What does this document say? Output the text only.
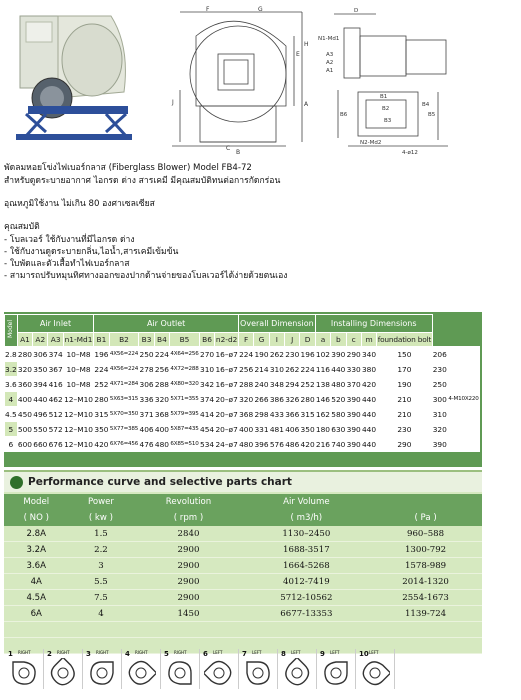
F	G
E
H
A
J
B
C
D
N1-Md1
A3
A2
A1
B1
B2
B3
B4
B5
B6
N2-Md2
4-ø12
พัดลมหอยโข่งไฟเบอร์กลาส (Fiberglass Blower) Model FB4-72
สำหรับดูดระบายอากาศ ไอกรด ด่าง สารเคมี มีคุณสมบัติทนต่อการกัดกร่อน
อุณหภูมิใช้งาน ไม่เกิน 80 องศาเซลเซียส
คุณสมบัติ
- โบลเวอร์ ใช้กับงานที่มีไอกรด ด่าง
- ใช้กับงานดูดระบายกลิ่น,ไอน้ำ,สารเคมีเข้มข้น
- ใบพัดและตัวเสื้อทำไฟเบอร์กลาส
- สามารถปรับหมุนทิศทางออกของปากด้านจ่ายของโบลเวอร์ได้ง่ายด้วยตนเอง
Model	Air Inlet				Air Outlet							Overall Dimension					Installing Dimensions						
	A1	A2	A3	n1-Md1	B1	B2	B3	B4	B5	B6	n2-d2	F	G	I	J	D	a	b	c	m	foundation bolt		
2.8	280	306	374	10–M8	196	4X56=224	250	224	4X64=256	270	16–ø7	224	190	262	230	196	102	390	290	340	150	206	4-M10X220
3.2	320	350	367	10–M8	224	4X56=224	278	256	4X72=288	310	16–ø7	256	214	310	262	224	116	440	330	380	170	230	
3.6	360	394	416	10–M8	252	4X71=284	306	288	4X80=320	342	16–ø7	288	240	348	294	252	138	480	370	420	190	250	
4	400	440	462	12–M10	280	5X63=315	336	320	5X71=355	374	20–ø7	320	266	386	326	280	146	520	390	440	210	300	
4.5	450	496	512	12–M10	315	5X70=350	371	368	5X79=395	414	20–ø7	368	298	433	366	315	162	580	390	440	210	310	
5	500	550	572	12–M10	350	5X77=385	406	400	5X87=435	454	20–ø7	400	331	481	406	350	180	630	390	440	230	320	
6	600	660	676	12–M10	420	6X76=456	476	480	6X85=510	534	24–ø7	480	396	576	486	420	216	740	390	440	290	390	
Performance curve and selective parts chart
Model	Power	Revolution	Air Volume	
( NO )	( kw )	( rpm )	( m3/h)	( Pa )
2.8A	1.5	2840	1130–2450	960–588
3.2A	2.2	2900	1688-3517	1300-792
3.6A	3	2900	1664-5268	1578-989
4A	5.5	2900	4012-7419	2014-1320
4.5A	7.5	2900	5712-10562	2554-1673
6A	4	1450	6677-13353	1139-724

1 RIGHT 2 RIGHT 3 RIGHT 4 RIGHT 5 RIGHT 6 LEFT	7 LEFT	8 LEFT	9 LEFT	10 LEFT
